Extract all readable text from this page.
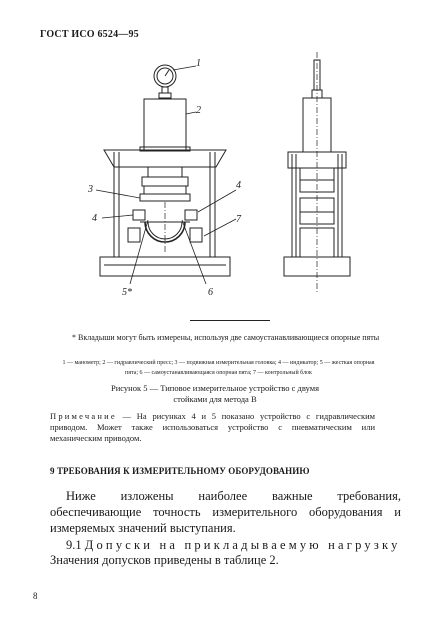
ГОСТ ИСО 6524—95
1
2
3
4
4
7
5*	6
* Вкладыши могут быть измерены, используя две самоустанавливающиеся опорные пяты
1 — манометр; 2 — гидравлический пресс; 3 — подвижная измерительная головка; 4 — индикатор; 5 — жесткая опорная пята; 6 — самоустанавливающаяся опорная пята; 7 — контрольный блок
Рисунок 5 — Типовое измерительное устройство с двумя
стойками для метода В
Примечание — На рисунках 4 и 5 показано устройство с гидравлическим приводом. Может также использоваться устройство с пневматическим или механическим приводом.
9 ТРЕБОВАНИЯ К ИЗМЕРИТЕЛЬНОМУ ОБОРУДОВАНИЮ
Ниже изложены наиболее важные требования, обеспечивающие точность измерительного оборудования и измеряемых значений выступания.
9.1 Допуски на прикладываемую нагрузку
Значения допусков приведены в таблице 2.
8
